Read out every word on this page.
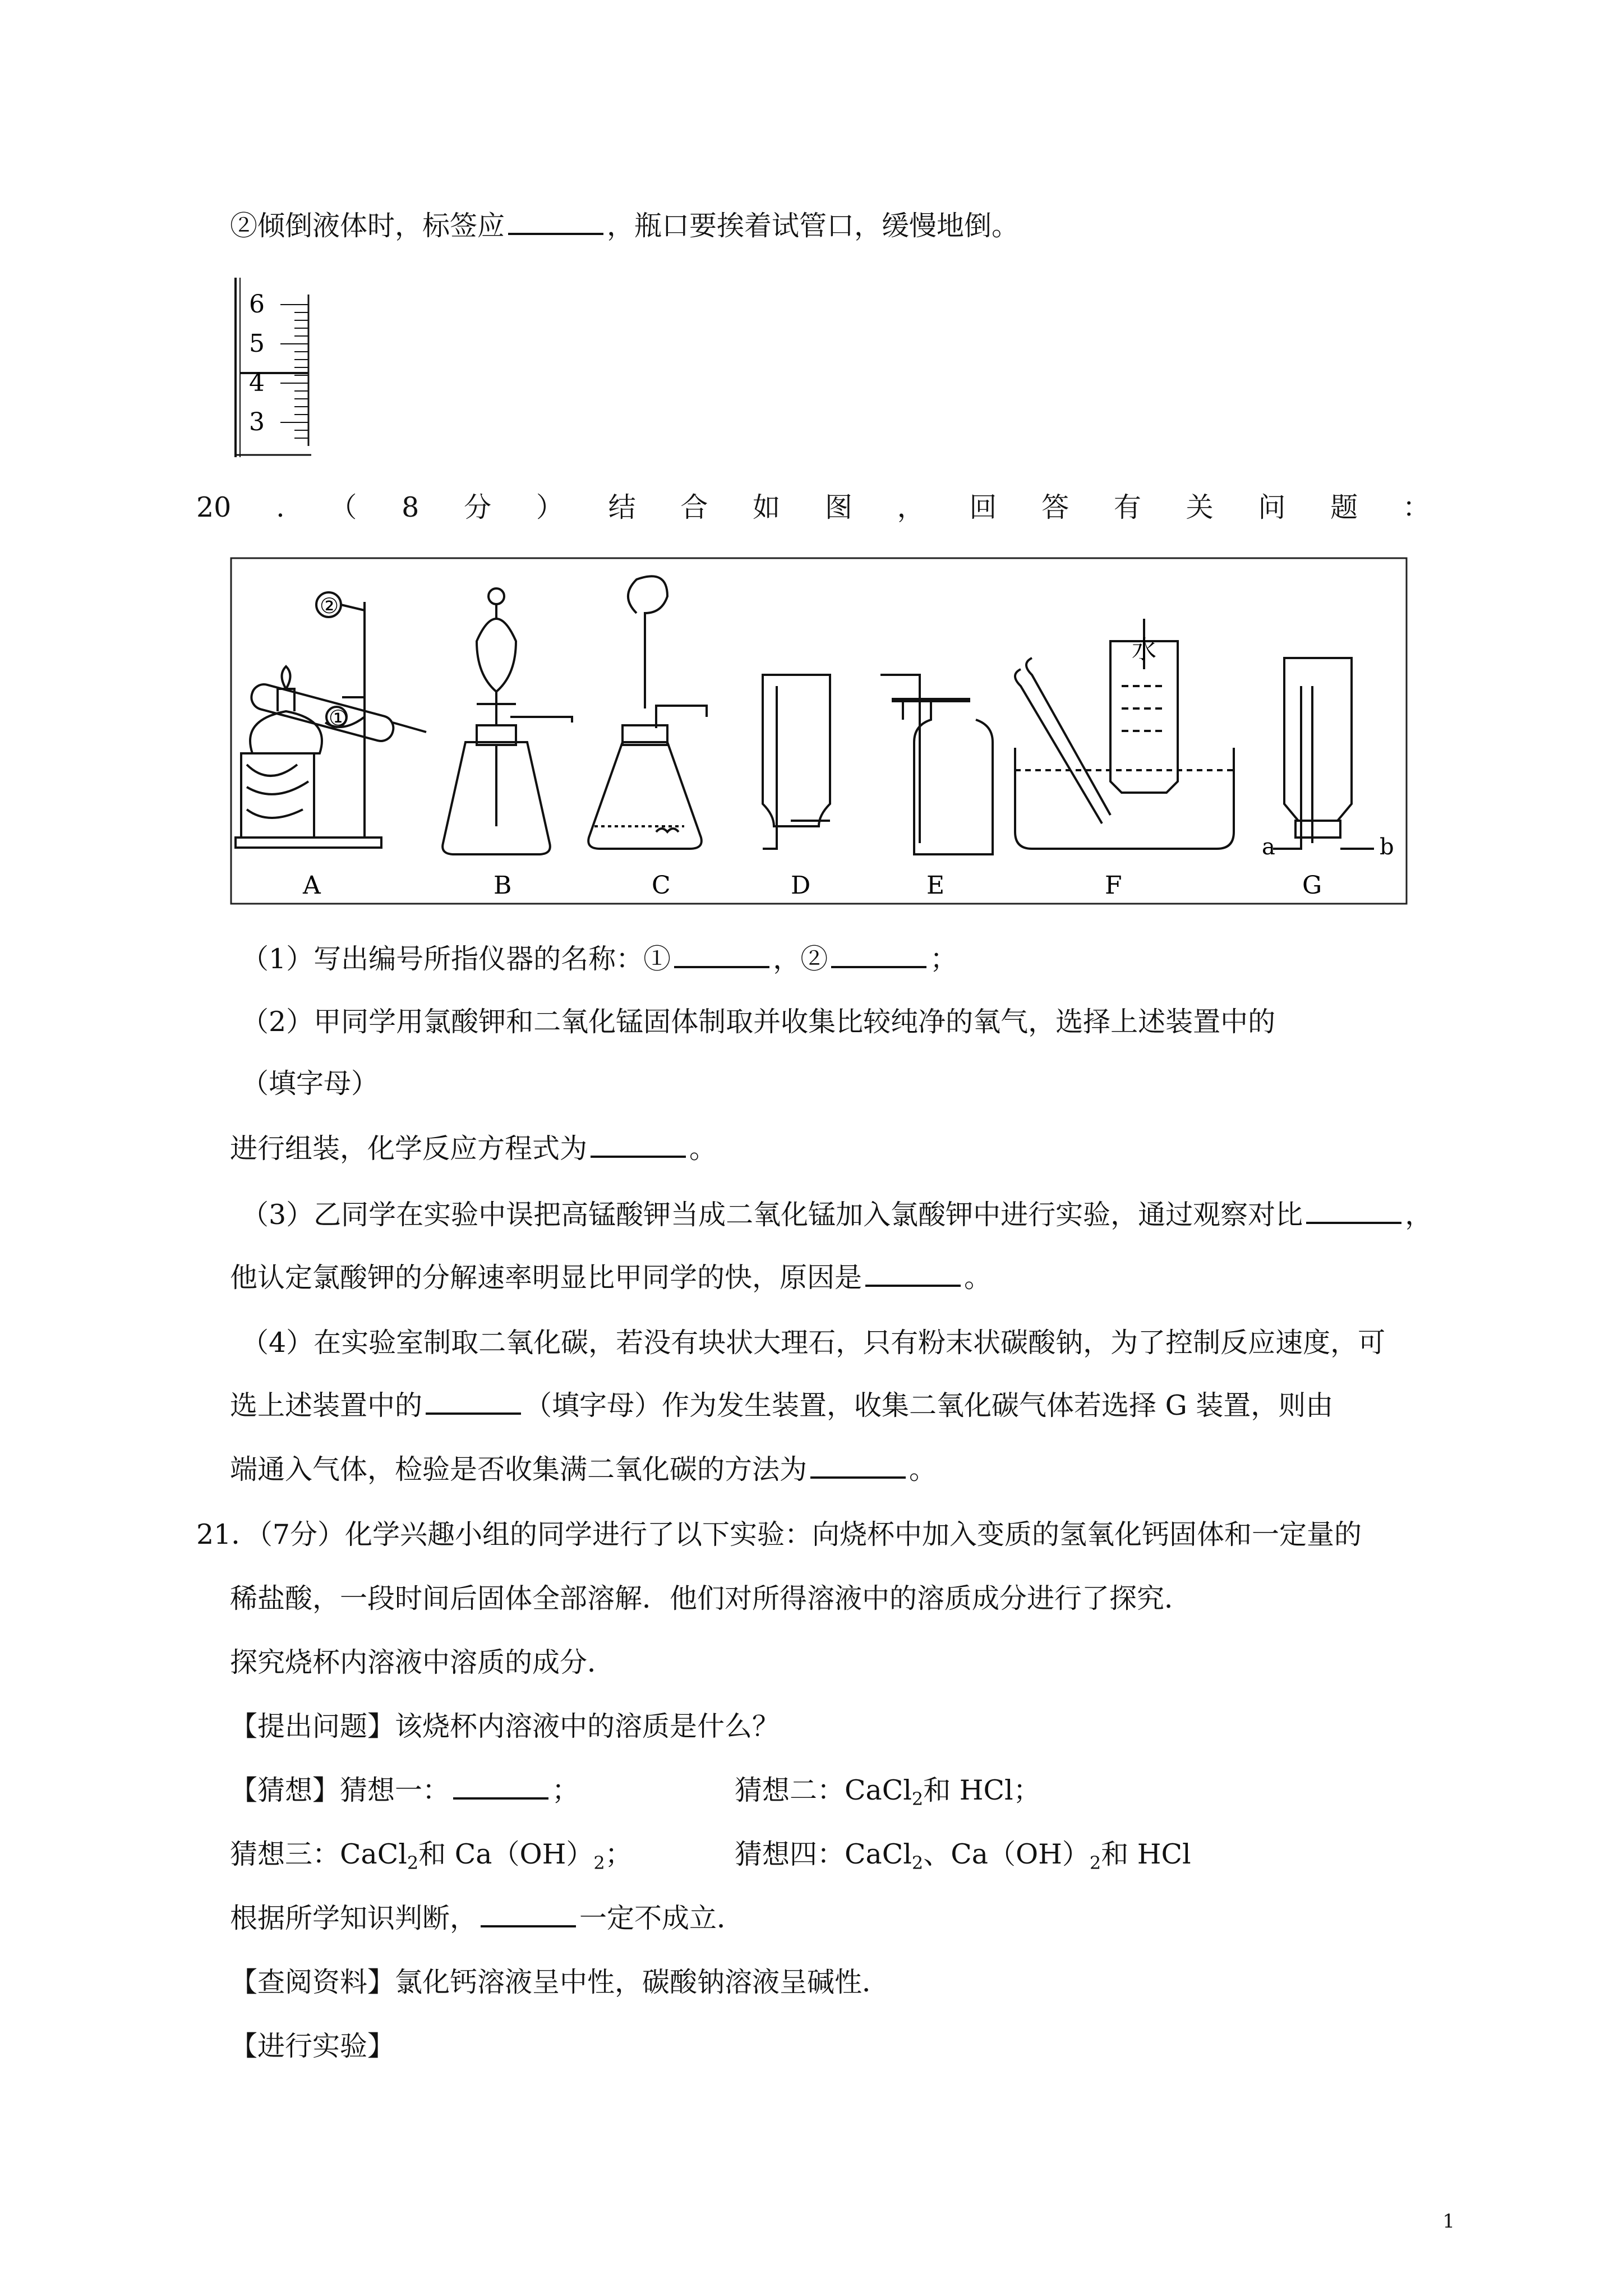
②倾倒液体时，标签应	，瓶口要挨着试管口，缓慢地倒。
6
5
4
3
20 . （ 8 分 ） 结 合 如 图 ， 回 答 有 关 问 题 ：
②
①
水
a	b
A	B	C	D	E	F	G
（1）写出编号所指仪器的名称：①	，②	；
（2）甲同学用氯酸钾和二氧化锰固体制取并收集比较纯净的氧气，选择上述装置中的
（填字母）
进行组装，化学反应方程式为	。
（3）乙同学在实验中误把高锰酸钾当成二氧化锰加入氯酸钾中进行实验，通过观察对比	，
他认定氯酸钾的分解速率明显比甲同学的快，原因是	。
（4）在实验室制取二氧化碳，若没有块状大理石，只有粉末状碳酸钠，为了控制反应速度，可
选上述装置中的	（填字母）作为发生装置，收集二氧化碳气体若选择 G 装置，则由
端通入气体，检验是否收集满二氧化碳的方法为	。
21．（7分）化学兴趣小组的同学进行了以下实验：向烧杯中加入变质的氢氧化钙固体和一定量的
稀盐酸，一段时间后固体全部溶解．他们对所得溶液中的溶质成分进行了探究．
探究烧杯内溶液中溶质的成分．
【提出问题】该烧杯内溶液中的溶质是什么？
【猜想】猜想一：	；	猜想二：CaCl$_2$和 HCl；
猜想三：CaCl$_2$和 $Ca(OH)_2$；	猜想四：CaCl$_2$、$Ca(OH)_2$和 HCl
根据所学知识判断，	一定不成立．
【查阅资料】氯化钙溶液呈中性，碳酸钠溶液呈碱性．
【进行实验】
1
